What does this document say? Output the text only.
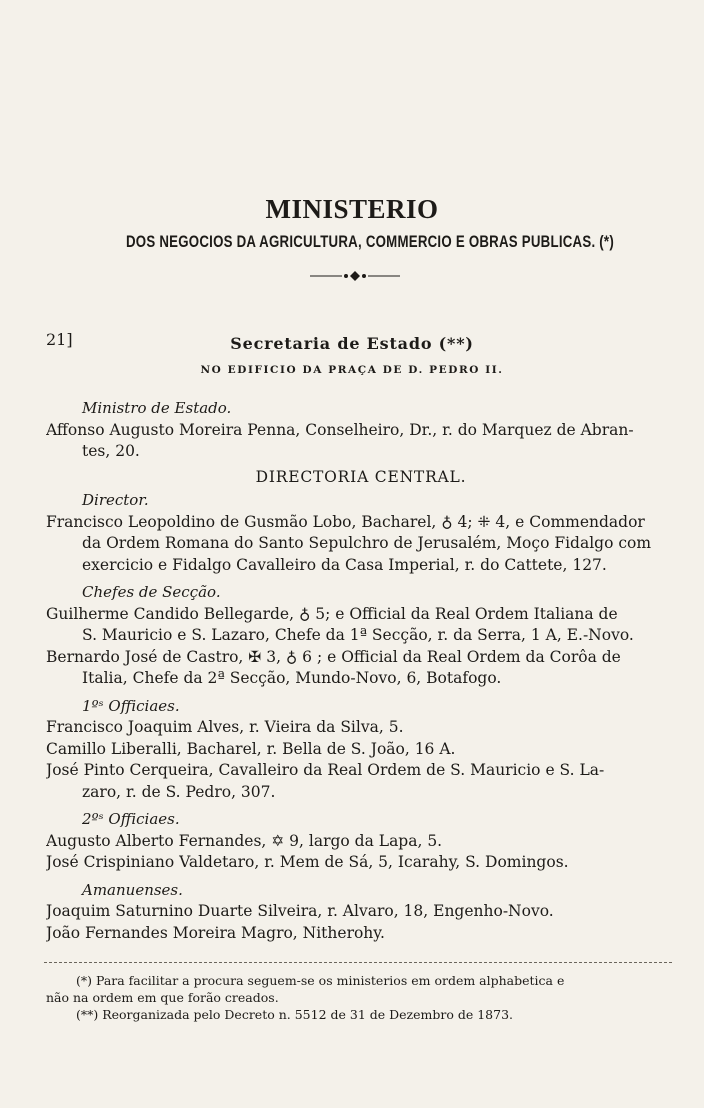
MINISTERIO
DOS NEGOCIOS DA AGRICULTURA, COMMERCIO E OBRAS PUBLICAS. (*)
21]	Secretaria de Estado (**)
NO EDIFICIO DA PRAÇA DE D. PEDRO II.
Ministro de Estado.
Affonso Augusto Moreira Penna, Conselheiro, Dr., r. do Marquez de Abran-
tes, 20.
DIRECTORIA CENTRAL.
Director.
Francisco Leopoldino de Gusmão Lobo, Bacharel, ♁ 4; ⁜ 4, e Commendador
da Ordem Romana do Santo Sepulchro de Jerusalém, Moço Fidalgo com
exercicio e Fidalgo Cavalleiro da Casa Imperial, r. do Cattete, 127.
Chefes de Secção.
Guilherme Candido Bellegarde, ♁ 5; e Official da Real Ordem Italiana de
S. Mauricio e S. Lazaro, Chefe da 1ª Secção, r. da Serra, 1 A, E.-Novo.
Bernardo José de Castro, ✠ 3, ♁ 6 ; e Official da Real Ordem da Corôa de
Italia, Chefe da 2ª Secção, Mundo-Novo, 6, Botafogo.
1ºˢ Officiaes.
Francisco Joaquim Alves, r. Vieira da Silva, 5.
Camillo Liberalli, Bacharel, r. Bella de S. João, 16 A.
José Pinto Cerqueira, Cavalleiro da Real Ordem de S. Mauricio e S. La-
zaro, r. de S. Pedro, 307.
2ºˢ Officiaes.
Augusto Alberto Fernandes, ✡ 9, largo da Lapa, 5.
José Crispiniano Valdetaro, r. Mem de Sá, 5, Icarahy, S. Domingos.
Amanuenses.
Joaquim Saturnino Duarte Silveira, r. Alvaro, 18, Engenho-Novo.
João Fernandes Moreira Magro, Nitherohy.
(*) Para facilitar a procura seguem-se os ministerios em ordem alphabetica e
não na ordem em que forão creados.
(**) Reorganizada pelo Decreto n. 5512 de 31 de Dezembro de 1873.
